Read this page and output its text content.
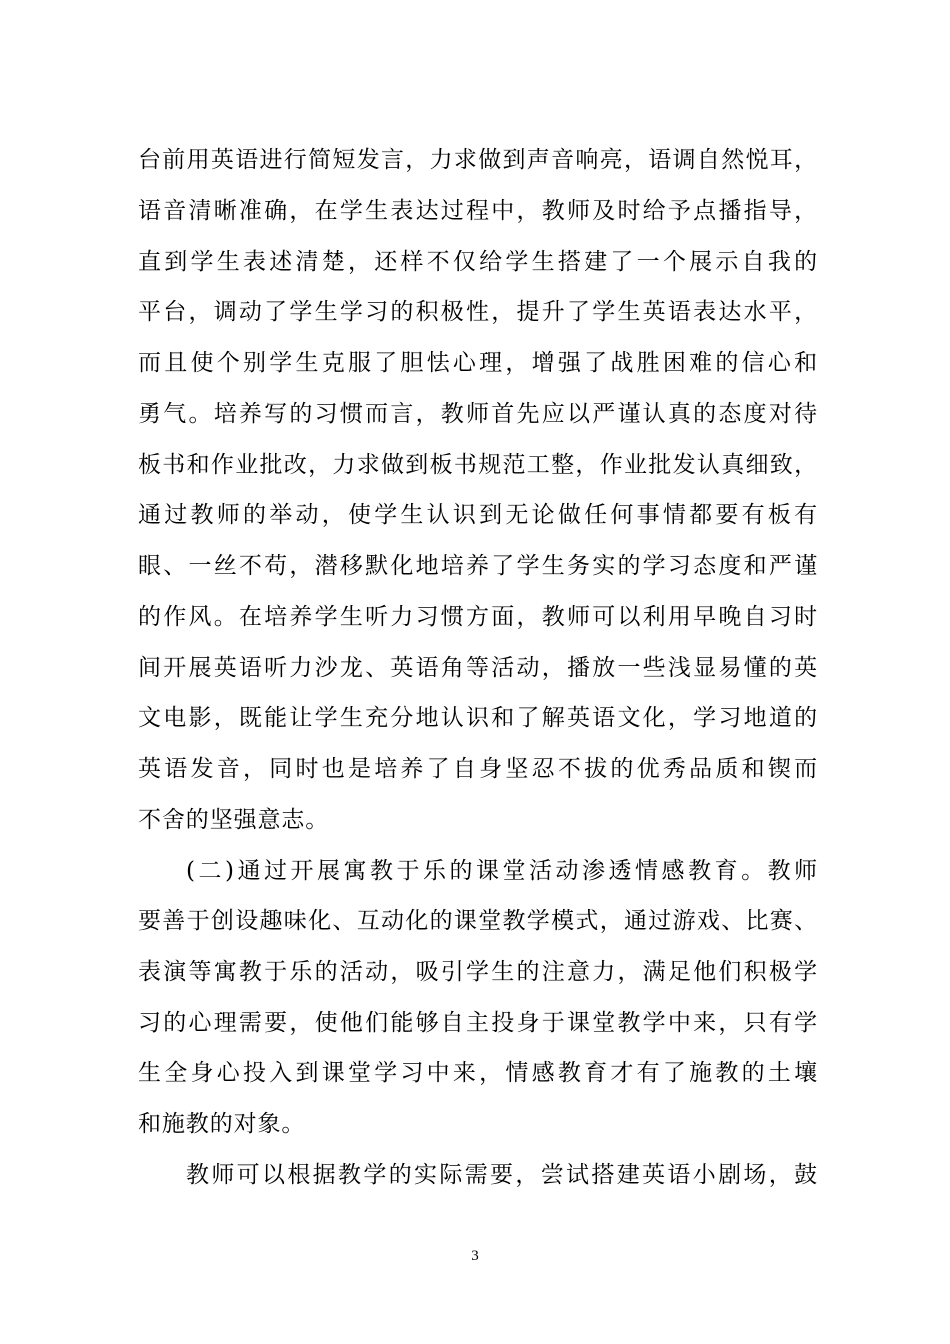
台前用英语进行简短发言，力求做到声音响亮，语调自然悦耳，
语音清晰准确，在学生表达过程中，教师及时给予点播指导，
直到学生表述清楚，还样不仅给学生搭建了一个展示自我的
平台，调动了学生学习的积极性，提升了学生英语表达水平，
而且使个别学生克服了胆怯心理，增强了战胜困难的信心和
勇气。培养写的习惯而言，教师首先应以严谨认真的态度对待
板书和作业批改，力求做到板书规范工整，作业批发认真细致，
通过教师的举动，使学生认识到无论做任何事情都要有板有
眼、一丝不苟，潜移默化地培养了学生务实的学习态度和严谨
的作风。在培养学生听力习惯方面，教师可以利用早晚自习时
间开展英语听力沙龙、英语角等活动，播放一些浅显易懂的英
文电影，既能让学生充分地认识和了解英语文化，学习地道的
英语发音，同时也是培养了自身坚忍不拔的优秀品质和锲而
不舍的坚强意志。
(二)通过开展寓教于乐的课堂活动渗透情感教育。教师
要善于创设趣味化、互动化的课堂教学模式，通过游戏、比赛、
表演等寓教于乐的活动，吸引学生的注意力，满足他们积极学
习的心理需要，使他们能够自主投身于课堂教学中来，只有学
生全身心投入到课堂学习中来，情感教育才有了施教的土壤
和施教的对象。
教师可以根据教学的实际需要，尝试搭建英语小剧场，鼓
3
